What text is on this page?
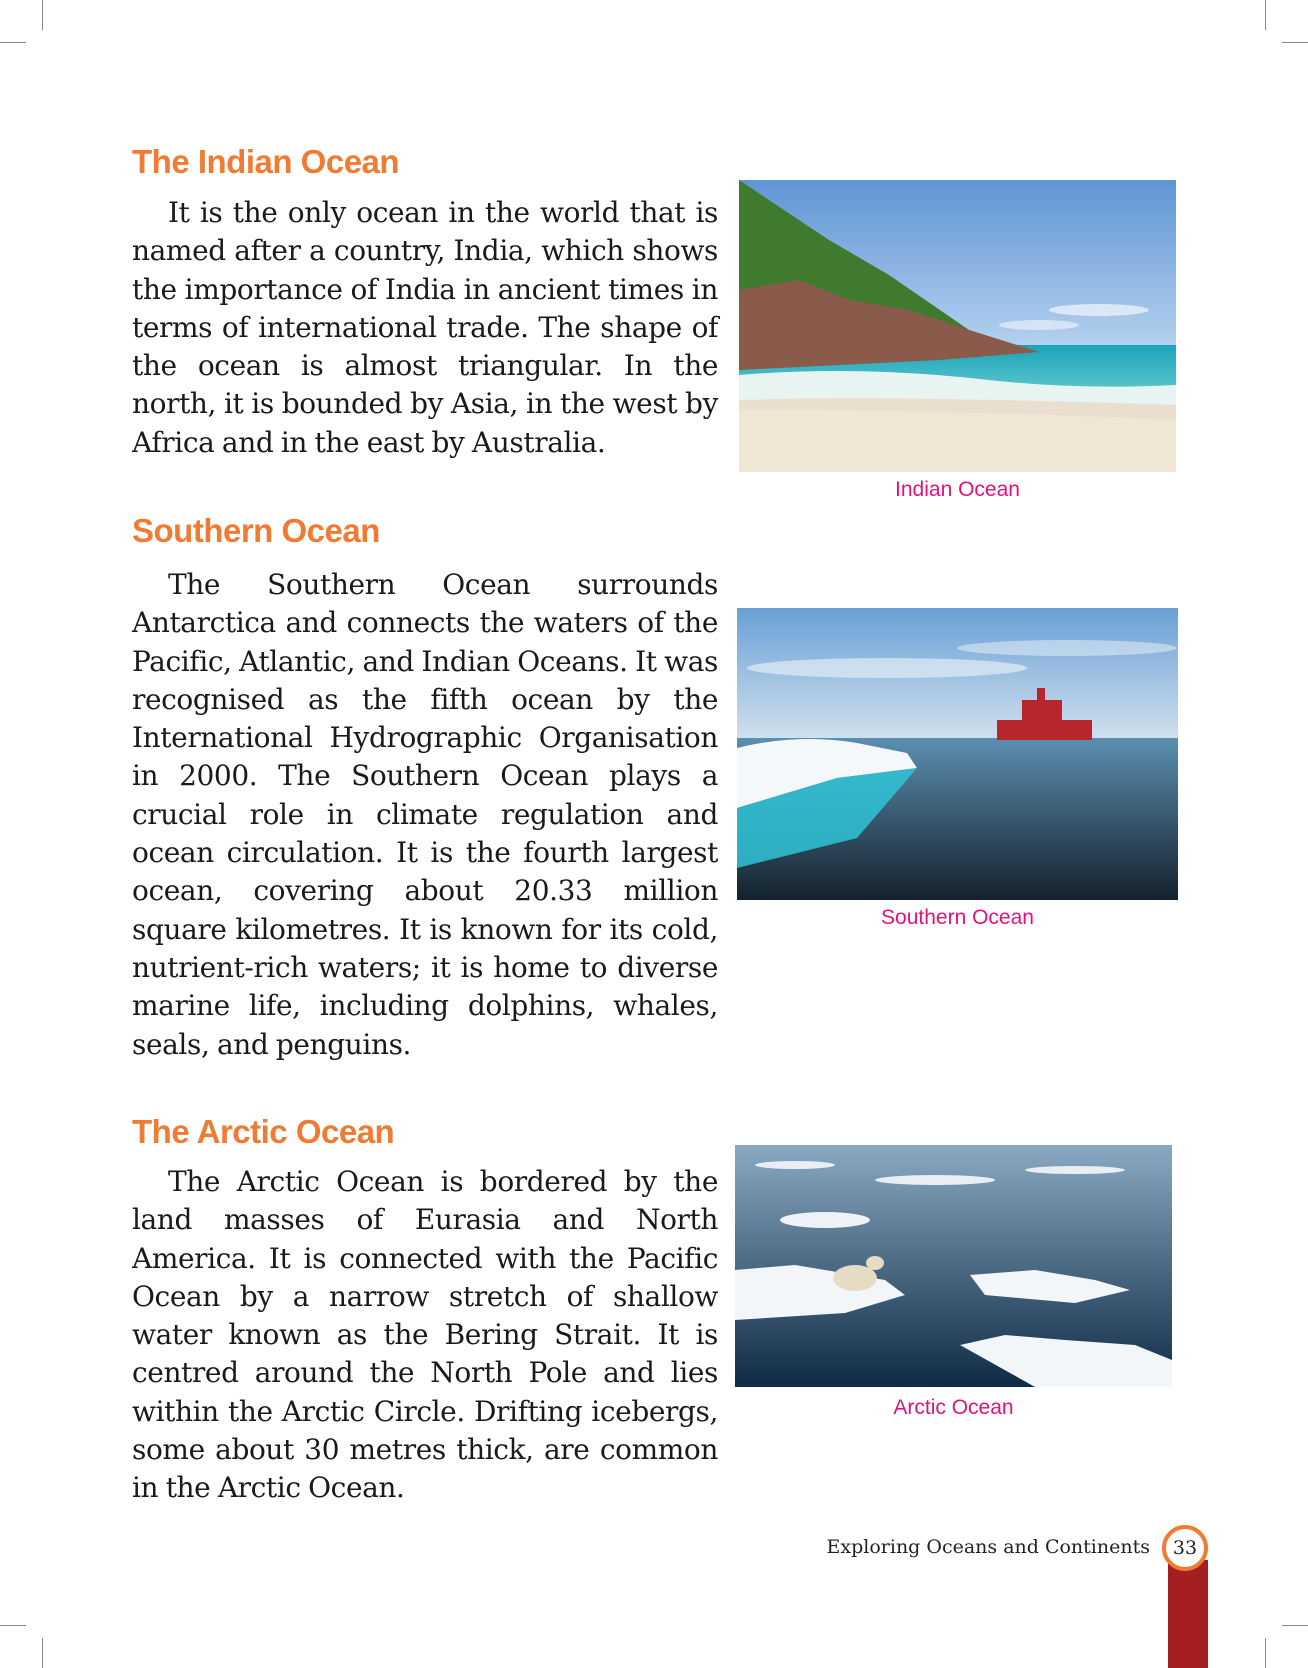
The Indian Ocean

It is the only ocean in the world that is named after a country, India, which shows the importance of India in ancient times in terms of international trade. The shape of the ocean is almost triangular. In the north, it is bounded by Asia, in the west by Africa and in the east by Australia.

Indian Ocean

Southern Ocean

The Southern Ocean surrounds Antarctica and connects the waters of the Pacific, Atlantic, and Indian Oceans. It was recognised as the fifth ocean by the International Hydrographic Organisation in 2000. The Southern Ocean plays a crucial role in climate regulation and ocean circulation. It is the fourth largest ocean, covering about 20.33 million square kilometres. It is known for its cold, nutrient-rich waters; it is home to diverse marine life, including dolphins, whales, seals, and penguins.

Southern Ocean

The Arctic Ocean

The Arctic Ocean is bordered by the land masses of Eurasia and North America. It is connected with the Pacific Ocean by a narrow stretch of shallow water known as the Bering Strait. It is centred around the North Pole and lies within the Arctic Circle. Drifting icebergs, some about 30 metres thick, are common in the Arctic Ocean.

Arctic Ocean

Exploring Oceans and Continents	33
